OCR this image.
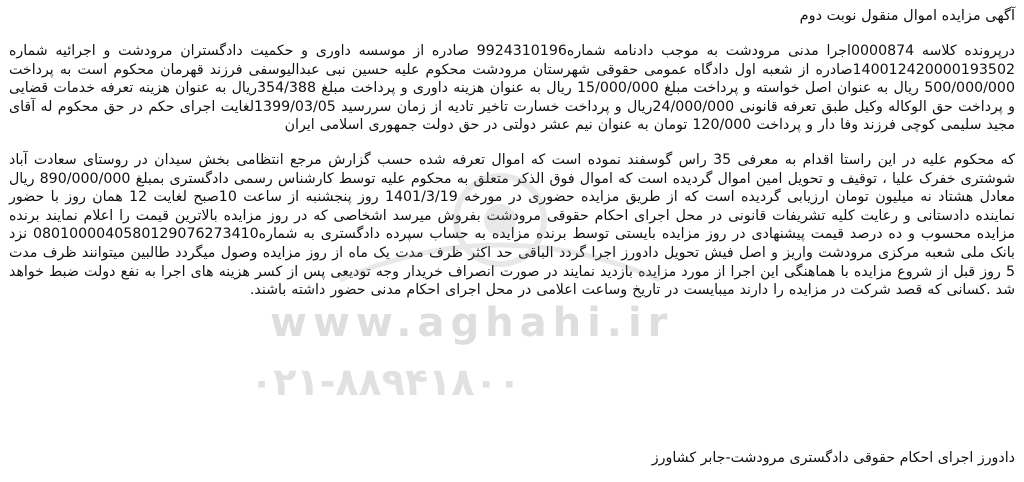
آگهی مزایده اموال منقول نوبت دوم

درپرونده کلاسه 0000874اجرا مدنی مرودشت به موجب دادنامه شماره9924310196 صادره از موسسه داوری و حکمیت دادگستران مرودشت و اجرائیه شماره 140012420000193502صادره از شعبه اول دادگاه عمومی حقوقی شهرستان مرودشت محکوم علیه حسین نبی عبدالیوسفی فرزند قهرمان محکوم است به پرداخت 500/000/000 ریال به عنوان اصل خواسته و پرداخت مبلغ 15/000/000 ریال به عنوان هزینه داوری و پرداخت مبلغ 354/388ریال به عنوان هزینه تعرفه خدمات قضایی و پرداخت حق الوکاله وکیل طبق تعرفه قانونی 24/000/000ریال و پرداخت خسارت تاخیر تادیه از زمان سررسید 1399/03/05لغایت اجرای حکم در حق محکوم له آقای مجید سلیمی کوچی فرزند وفا دار و پرداخت 120/000 تومان به عنوان نیم عشر دولتی در حق دولت جمهوری اسلامی ایران

که محکوم علیه در این راستا اقدام به معرفی 35 راس گوسفند نموده است که اموال تعرفه شده حسب گزارش مرجع انتظامی بخش سیدان در روستای سعادت آباد شوشتری خفرک علیا ، توقیف و تحویل امین اموال گردیده است که اموال فوق الذکر متعلق به محکوم علیه توسط کارشناس رسمی دادگستری بمبلغ 890/000/000 ریال معادل هشتاد نه میلیون تومان ارزیابی گردیده است که از طریق مزایده حضوری در مورخه 1401/3/19 روز پنجشنبه از ساعت 10صبح لغایت 12 همان روز با حضور نماینده دادستانی و رعایت کلیه تشریفات قانونی در محل اجرای احکام حقوقی مرودشت بفروش میرسد اشخاصی که در روز مزایده بالاترین قیمت را اعلام نمایند برنده مزایده محسوب و ده درصد قیمت پیشنهادی در روز مزایده بایستی توسط برنده مزایده به حساب سپرده دادگستری به شماره0801000040580129076273410 نزد بانک ملی شعبه مرکزی مرودشت واریز و اصل فیش تحویل دادورز اجرا گردد الباقی حد اکثر ظرف مدت یک ماه از روز مزایده وصول میگردد طالبین میتوانند ظرف مدت 5 روز قبل از شروع مزایده با هماهنگی این اجرا از مورد مزایده بازدید نمایند در صورت انصراف خریدار وجه تودیعی پس از کسر هزینه های اجرا به نفع دولت ضبط خواهد شد .کسانی که قصد شرکت در مزایده را دارند میبایست در تاریخ وساعت اعلامی در محل اجرای احکام مدنی حضور داشته باشند.

www.aghahi.ir
۰۲۱-۸۸۹۴۱۸۰۰
دادورز اجرای احکام حقوقی دادگستری مرودشت-جابر کشاورز
